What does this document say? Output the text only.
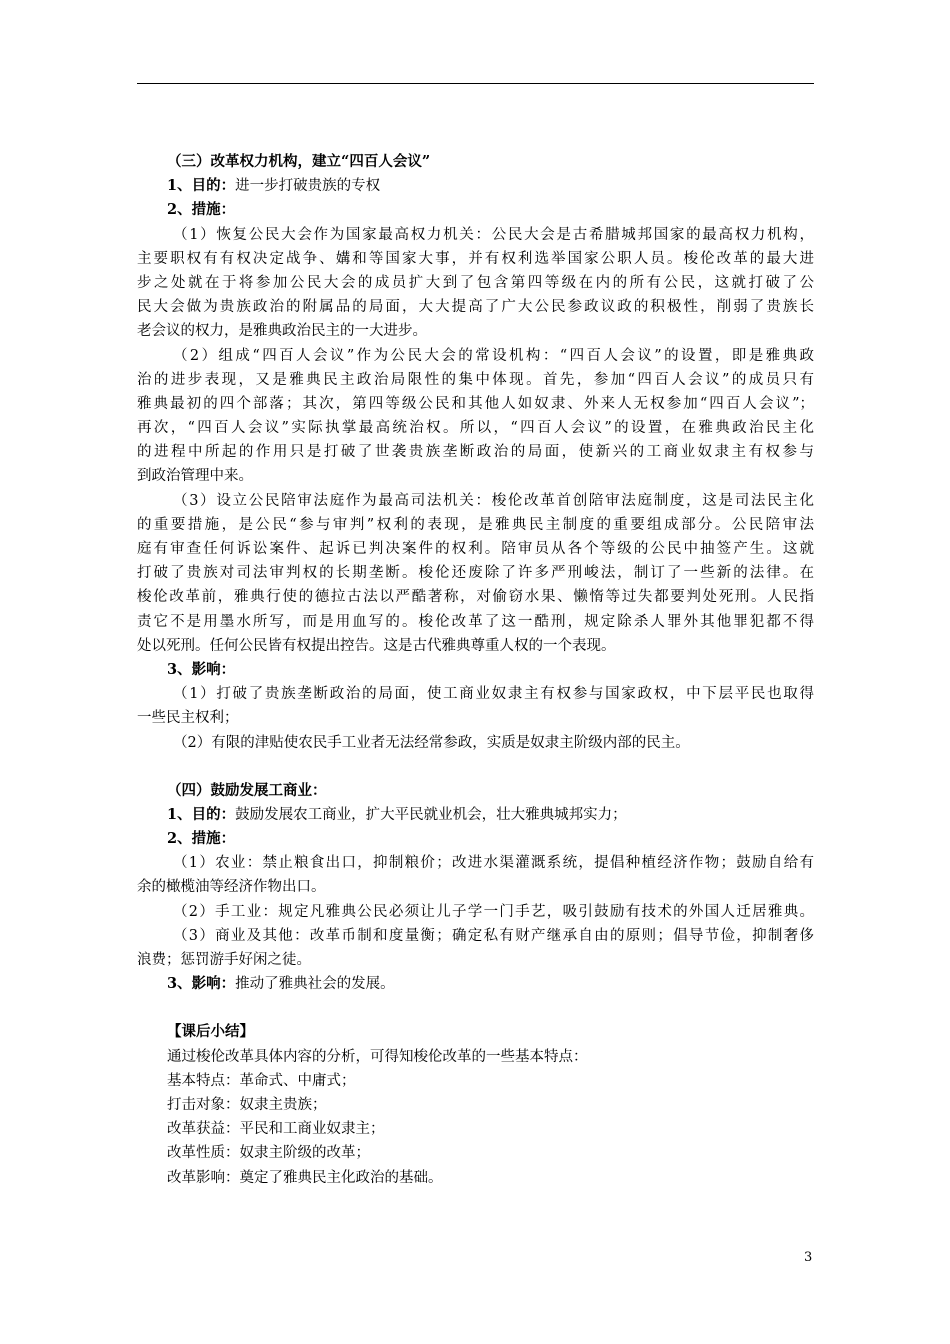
（三）改革权力机构，建立“四百人会议”
1、目的：进一步打破贵族的专权
2、措施：
（1）恢复公民大会作为国家最高权力机关：公民大会是古希腊城邦国家的最高权力机构，
主要职权有有权决定战争、媾和等国家大事，并有权利选举国家公职人员。梭伦改革的最大进
步之处就在于将参加公民大会的成员扩大到了包含第四等级在内的所有公民，这就打破了公
民大会做为贵族政治的附属品的局面，大大提高了广大公民参政议政的积极性，削弱了贵族长
老会议的权力，是雅典政治民主的一大进步。
（2）组成“四百人会议”作为公民大会的常设机构：“四百人会议”的设置，即是雅典政
治的进步表现，又是雅典民主政治局限性的集中体现。首先，参加“四百人会议”的成员只有
雅典最初的四个部落；其次，第四等级公民和其他人如奴隶、外来人无权参加“四百人会议”；
再次，“四百人会议”实际执掌最高统治权。所以，“四百人会议”的设置，在雅典政治民主化
的进程中所起的作用只是打破了世袭贵族垄断政治的局面，使新兴的工商业奴隶主有权参与
到政治管理中来。
（3）设立公民陪审法庭作为最高司法机关：梭伦改革首创陪审法庭制度，这是司法民主化
的重要措施，是公民“参与审判”权利的表现，是雅典民主制度的重要组成部分。公民陪审法
庭有审查任何诉讼案件、起诉已判决案件的权利。陪审员从各个等级的公民中抽签产生。这就
打破了贵族对司法审判权的长期垄断。梭伦还废除了许多严刑峻法，制订了一些新的法律。在
梭伦改革前，雅典行使的德拉古法以严酷著称，对偷窃水果、懒惰等过失都要判处死刑。人民指
责它不是用墨水所写，而是用血写的。梭伦改革了这一酷刑，规定除杀人罪外其他罪犯都不得
处以死刑。任何公民皆有权提出控告。这是古代雅典尊重人权的一个表现。
3、影响：
（1）打破了贵族垄断政治的局面，使工商业奴隶主有权参与国家政权，中下层平民也取得
一些民主权利；
（2）有限的津贴使农民手工业者无法经常参政，实质是奴隶主阶级内部的民主。
（四）鼓励发展工商业：
1、目的：鼓励发展农工商业，扩大平民就业机会，壮大雅典城邦实力；
2、措施：
（1）农业：禁止粮食出口，抑制粮价；改进水渠灌溉系统，提倡种植经济作物；鼓励自给有
余的橄榄油等经济作物出口。
（2）手工业：规定凡雅典公民必须让儿子学一门手艺，吸引鼓励有技术的外国人迁居雅典。
（3）商业及其他：改革币制和度量衡；确定私有财产继承自由的原则；倡导节俭，抑制奢侈
浪费；惩罚游手好闲之徒。
3、影响：推动了雅典社会的发展。
【课后小结】
通过梭伦改革具体内容的分析，可得知梭伦改革的一些基本特点：
基本特点：革命式、中庸式；
打击对象：奴隶主贵族；
改革获益：平民和工商业奴隶主；
改革性质：奴隶主阶级的改革；
改革影响：奠定了雅典民主化政治的基础。
3
